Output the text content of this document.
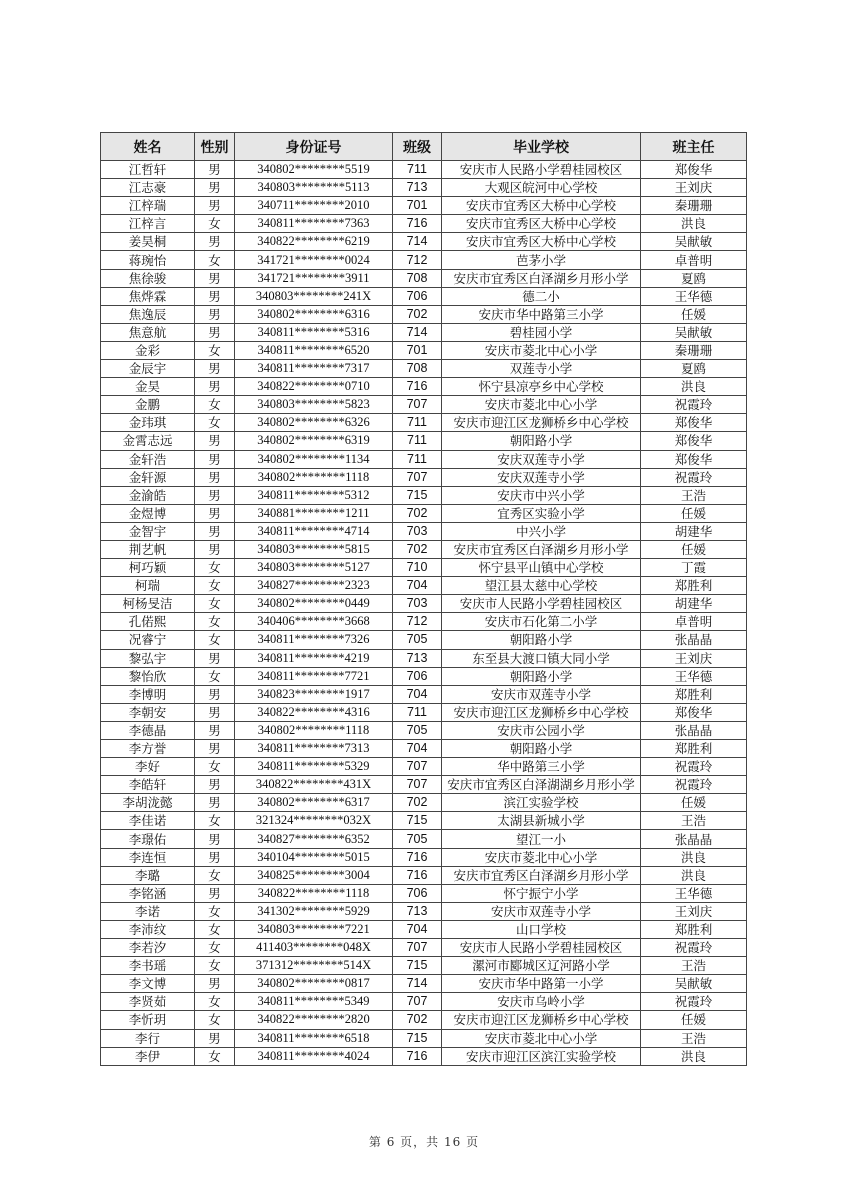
姓名	性别	身份证号	班级	毕业学校	班主任
江哲轩	男	340802********5519	711	安庆市人民路小学碧桂园校区	郑俊华
江志豪	男	340803********5113	713	大观区皖河中心学校	王刘庆
江梓瑞	男	340711********2010	701	安庆市宜秀区大桥中心学校	秦珊珊
江梓言	女	340811********7363	716	安庆市宜秀区大桥中心学校	洪良
姜昊桐	男	340822********6219	714	安庆市宜秀区大桥中心学校	吴献敏
蒋琬怡	女	341721********0024	712	芭茅小学	卓普明
焦徐骏	男	341721********3911	708	安庆市宜秀区白泽湖乡月形小学	夏鸥
焦烨霖	男	340803********241X	706	德二小	王华德
焦逸辰	男	340802********6316	702	安庆市华中路第三小学	任媛
焦意航	男	340811********5316	714	碧桂园小学	吴献敏
金彩	女	340811********6520	701	安庆市菱北中心小学	秦珊珊
金辰宇	男	340811********7317	708	双莲寺小学	夏鸥
金昊	男	340822********0710	716	怀宁县凉亭乡中心学校	洪良
金鹏	女	340803********5823	707	安庆市菱北中心小学	祝霞玲
金玮琪	女	340802********6326	711	安庆市迎江区龙狮桥乡中心学校	郑俊华
金霄志远	男	340802********6319	711	朝阳路小学	郑俊华
金轩浩	男	340802********1134	711	安庆双莲寺小学	郑俊华
金轩源	男	340802********1118	707	安庆双莲寺小学	祝霞玲
金渝皓	男	340811********5312	715	安庆市中兴小学	王浩
金煜博	男	340881********1211	702	宜秀区实验小学	任媛
金智宇	男	340811********4714	703	中兴小学	胡建华
荆艺帆	男	340803********5815	702	安庆市宜秀区白泽湖乡月形小学	任媛
柯巧颖	女	340803********5127	710	怀宁县平山镇中心学校	丁霞
柯瑞	女	340827********2323	704	望江县太慈中心学校	郑胜利
柯杨旻洁	女	340802********0449	703	安庆市人民路小学碧桂园校区	胡建华
孔偌熙	女	340406********3668	712	安庆市石化第二小学	卓普明
况睿宁	女	340811********7326	705	朝阳路小学	张晶晶
黎弘宇	男	340811********4219	713	东至县大渡口镇大同小学	王刘庆
黎怡欣	女	340811********7721	706	朝阳路小学	王华德
李博明	男	340823********1917	704	安庆市双莲寺小学	郑胜利
李朝安	男	340822********4316	711	安庆市迎江区龙狮桥乡中心学校	郑俊华
李德晶	男	340802********1118	705	安庆市公园小学	张晶晶
李方誉	男	340811********7313	704	朝阳路小学	郑胜利
李好	女	340811********5329	707	华中路第三小学	祝霞玲
李皓轩	男	340822********431X	707	安庆市宜秀区白泽湖湖乡月形小学	祝霞玲
李胡泷懿	男	340802********6317	702	滨江实验学校	任媛
李佳诺	女	321324********032X	715	太湖县新城小学	王浩
李璟佑	男	340827********6352	705	望江一小	张晶晶
李连恒	男	340104********5015	716	安庆市菱北中心小学	洪良
李璐	女	340825********3004	716	安庆市宜秀区白泽湖乡月形小学	洪良
李铭涵	男	340822********1118	706	怀宁振宁小学	王华德
李诺	女	341302********5929	713	安庆市双莲寺小学	王刘庆
李沛纹	女	340803********7221	704	山口学校	郑胜利
李若汐	女	411403********048X	707	安庆市人民路小学碧桂园校区	祝霞玲
李书瑶	女	371312********514X	715	漯河市郾城区辽河路小学	王浩
李文博	男	340802********0817	714	安庆市华中路第一小学	吴献敏
李贤茹	女	340811********5349	707	安庆市乌岭小学	祝霞玲
李忻玥	女	340822********2820	702	安庆市迎江区龙狮桥乡中心学校	任媛
李行	男	340811********6518	715	安庆市菱北中心小学	王浩
李伊	女	340811********4024	716	安庆市迎江区滨江实验学校	洪良
第 6 页，共 16 页
